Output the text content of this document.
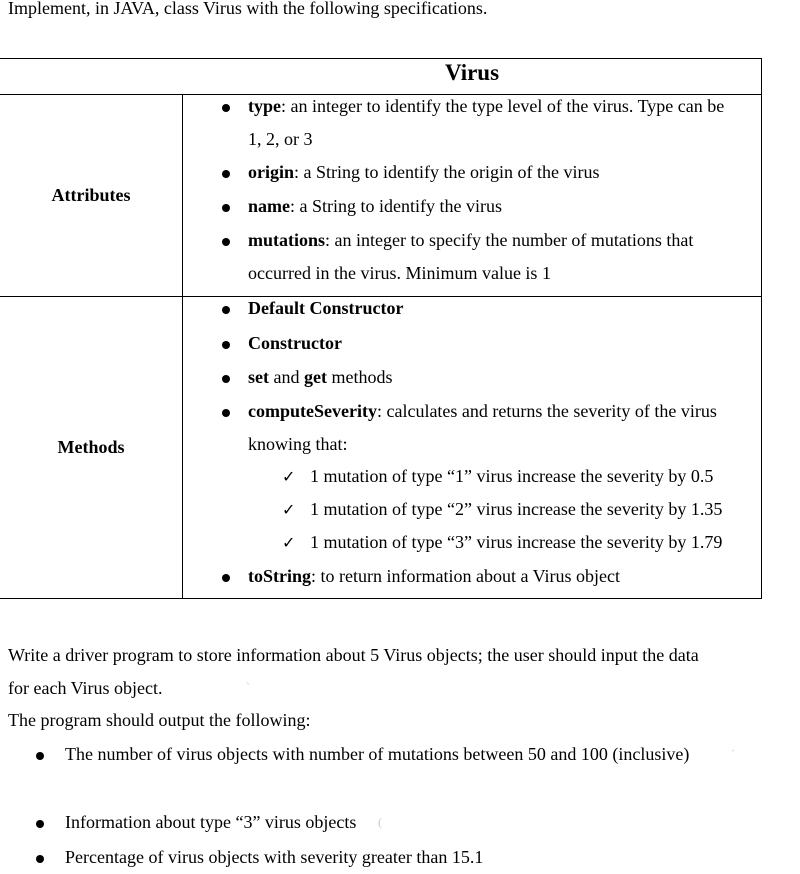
Implement, in JAVA, class Virus with the following specifications.
Virus
Attributes
Methods
type: an integer to identify the type level of the virus. Type can be
1, 2, or 3
origin: a String to identify the origin of the virus
name: a String to identify the virus
mutations: an integer to specify the number of mutations that
occurred in the virus. Minimum value is 1
Default Constructor
Constructor
set and get methods
computeSeverity: calculates and returns the severity of the virus
knowing that:
✓ 1 mutation of type “1” virus increase the severity by 0.5
✓ 1 mutation of type “2” virus increase the severity by 1.35
✓ 1 mutation of type “3” virus increase the severity by 1.79
toString: to return information about a Virus object
Write a driver program to store information about 5 Virus objects; the user should input the data
for each Virus object.	`
The program should output the following:
The number of virus objects with number of mutations between 50 and 100 (inclusive)	´
Information about type “3” virus objects (
Percentage of virus objects with severity greater than 15.1
